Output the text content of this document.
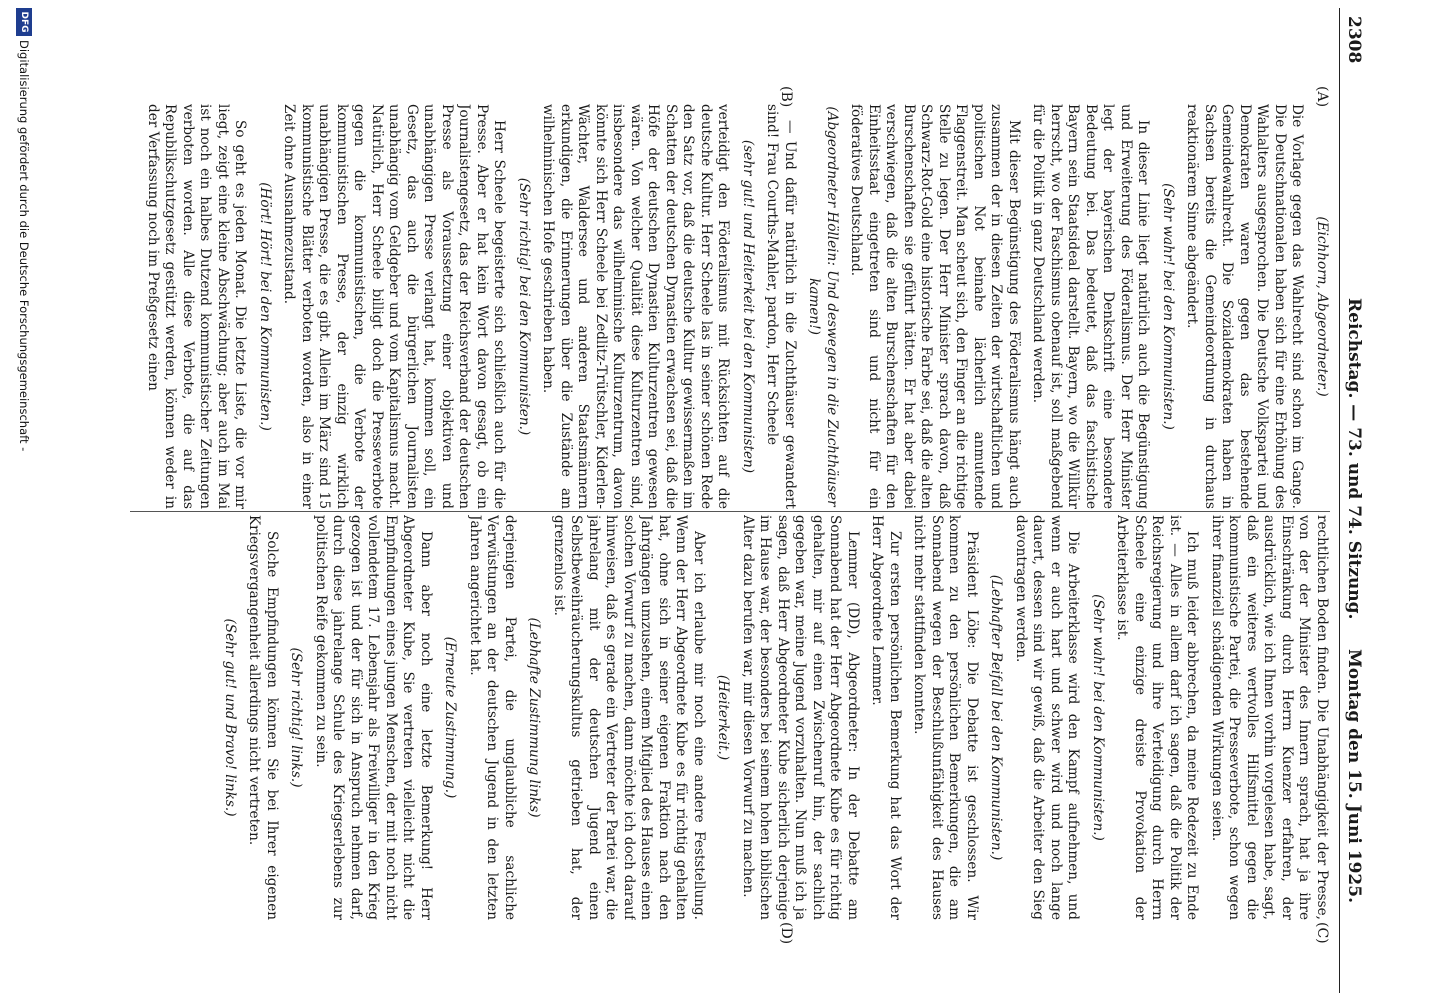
2308
Reichstag. — 73. und 74. Sitzung.
Montag den 15. Juni 1925.
(A)
(B)
(C)
(D)

(Eichhorn, Abgeordneter.)

Die Vorlage gegen das Wahlrecht sind schon im Gange. Die Deutschnationalen haben sich für eine Erhöhung des Wahlalters ausgesprochen. Die Deutsche Volkspartei und Demokraten waren gegen das bestehende Gemeindewahlrecht. Die Sozialdemokraten haben in Sachsen bereits die Gemeindeordnung in durchaus reaktionärem Sinne abgeändert.

(Sehr wahr! bei den Kommunisten.)

In dieser Linie liegt natürlich auch die Begünstigung und Erweiterung des Föderalismus. Der Herr Minister legt der bayerischen Denkschrift eine besondere Bedeutung bei. Das bedeutet, daß das faschistische Bayern sein Staatsideal darstellt. Bayern, wo die Willkür herrscht, wo der Faschismus obenauf ist, soll maßgebend für die Politik in ganz Deutschland werden.

Mit dieser Begünstigung des Föderalismus hängt auch zusammen der in diesen Zeiten der wirtschaftlichen und politischen Not beinahe lächerlich anmutende Flaggenstreit. Man scheut sich, den Finger an die richtige Stelle zu legen. Der Herr Minister sprach davon, daß Schwarz-Rot-Gold eine historische Farbe sei, daß die alten Burschenschaften sie geführt hätten. Er hat aber dabei verschwiegen, daß die alten Burschenschaften für den Einheitsstaat eingetreten sind und nicht für ein föderatives Deutschland.

(Abgeordneter Höllein: Und deswegen in die Zuchthäuser kamen!)

— Und dafür natürlich in die Zuchthäuser gewandert sind! Frau Courths-Mahler, pardon, Herr Scheele

(sehr gut! und Heiterkeit bei den Kommunisten)

verteidigt den Föderalismus mit Rücksichten auf die deutsche Kultur. Herr Scheele las in seiner schönen Rede den Satz vor, daß die deutsche Kultur gewissermaßen im Schatten der deutschen Dynastien erwachsen sei, daß die Höfe der deutschen Dynastien Kulturzentren gewesen wären. Von welcher Qualität diese Kulturzentren sind, insbesondere das wilhelminische Kulturzentrum, davon könnte sich Herr Scheele bei Zedlitz-Trütschler, Kiderlen-Wächter, Waldersee und anderen Staatsmännern erkundigen, die Erinnerungen über die Zustände am wilhelminischen Hofe geschrieben haben.

(Sehr richtig! bei den Kommunisten.)

Herr Scheele begeisterte sich schließlich auch für die Presse. Aber er hat kein Wort davon gesagt, ob ein Journalistengesetz, das der Reichsverband der deutschen Presse als Voraussetzung einer objektiven und unabhängigen Presse verlangt hat, kommen soll, ein Gesetz, das auch die bürgerlichen Journalisten unabhängig vom Geldgeber und vom Kapitalismus macht. Natürlich, Herr Scheele billigt doch die Presseverbote gegen die kommunistischen, die Verbote der kommunistischen Presse, der einzig wirklich unabhängigen Presse, die es gibt. Allein im März sind 15 kommunistische Blätter verboten worden, also in einer Zeit ohne Ausnahmezustand.

(Hört! Hört! bei den Kommunisten.)

So geht es jeden Monat. Die letzte Liste, die vor mir liegt, zeigt eine kleine Abschwächung; aber auch im Mai ist noch ein halbes Dutzend kommunistischer Zeitungen verboten worden. Alle diese Verbote, die auf das Republikschutzgesetz gestützt werden, können weder in der Verfassung noch im Preßgesetz einen

rechtlichen Boden finden. Die Unabhängigkeit der Presse, von der der Minister des Innern sprach, hat ja ihre Einschränkung durch Herrn Kuenzer erfahren, der ausdrücklich, wie ich Ihnen vorhin vorgelesen habe, sagt, daß ein weiteres wertvolles Hilfsmittel gegen die kommunistische Partei, die Presseverbote, schon wegen ihrer finanziell schädigenden Wirkungen seien.

Ich muß leider abbrechen, da meine Redezeit zu Ende ist. — Alles in allem darf ich sagen, daß die Politik der Reichsregierung und ihre Verteidigung durch Herrn Scheele eine einzige dreiste Provokation der Arbeiterklasse ist.

(Sehr wahr! bei den Kommunisten.)

Die Arbeiterklasse wird den Kampf aufnehmen, und wenn er auch hart und schwer wird und noch lange dauert, dessen sind wir gewiß, daß die Arbeiter den Sieg davontragen werden.

(Lebhafter Beifall bei den Kommunisten.)

Präsident Löbe: Die Debatte ist geschlossen. Wir kommen zu den persönlichen Bemerkungen, die am Sonnabend wegen der Beschlußunfähigkeit des Hauses nicht mehr stattfinden konnten.

Zur ersten persönlichen Bemerkung hat das Wort der Herr Abgeordnete Lemmer.

Lemmer (DD), Abgeordneter: In der Debatte am Sonnabend hat der Herr Abgeordnete Kube es für richtig gehalten, mir auf einen Zwischenruf hin, der sachlich gegeben war, meine Jugend vorzuhalten. Nun muß ich ja sagen, daß Herr Abgeordneter Kube sicherlich derjenige im Hause war, der besonders bei seinem hohen biblischen Alter dazu berufen war, mir diesen Vorwurf zu machen.

(Heiterkeit.)

Aber ich erlaube mir noch eine andere Feststellung. Wenn der Herr Abgeordnete Kube es für richtig gehalten hat, ohne sich in seiner eigenen Fraktion nach den Jahrgängen umzusehen, einem Mitglied des Hauses einen solchen Vorwurf zu machen, dann möchte ich doch darauf hinweisen, daß es gerade ein Vertreter der Partei war, die jahrelang mit der deutschen Jugend einen Selbstbeweihräucherungskultus getrieben hat, der grenzenlos ist.

(Lebhafte Zustimmung links)

derjenigen Partei, die unglaubliche sachliche Verwüstungen an der deutschen Jugend in den letzten Jahren angerichtet hat.

(Erneute Zustimmung.)

Dann aber noch eine letzte Bemerkung! Herr Abgeordneter Kube, Sie vertreten vielleicht nicht die Empfindungen eines jungen Menschen, der mit noch nicht vollendetem 17. Lebensjahr als Freiwilliger in den Krieg gezogen ist und der für sich in Anspruch nehmen darf, durch diese jahrelange Schule des Kriegserlebens zur politischen Reife gekommen zu sein.

(Sehr richtig! links.)

Solche Empfindungen können Sie bei Ihrer eigenen Kriegsvergangenheit allerdings nicht vertreten.

(Sehr gut! und Bravo! links.)

DFG
Digitalisierung gefördert durch die Deutsche Forschungsgemeinschaft -
